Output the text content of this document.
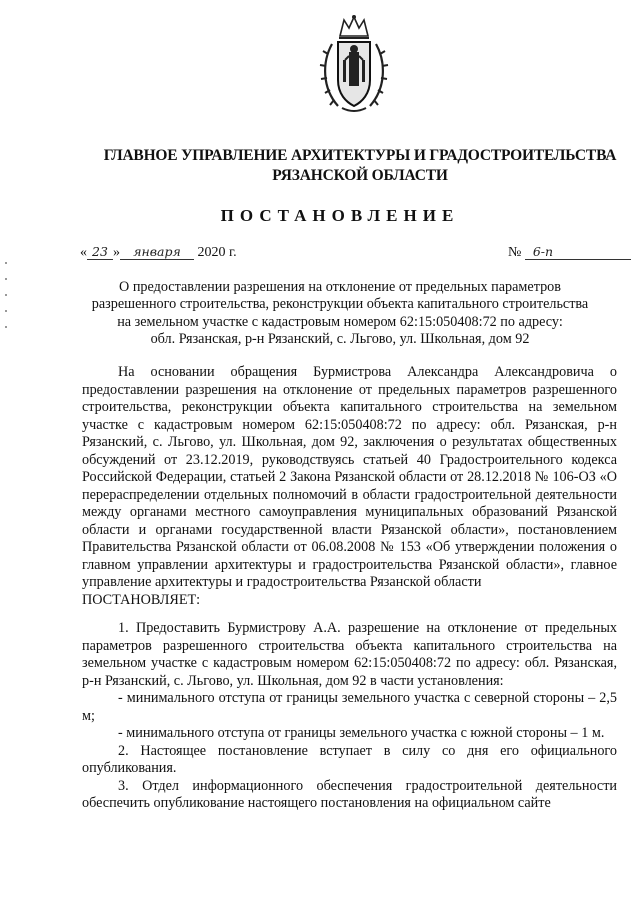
ГЛАВНОЕ УПРАВЛЕНИЕ АРХИТЕКТУРЫ И ГРАДОСТРОИТЕЛЬСТВА
РЯЗАНСКОЙ ОБЛАСТИ
ПОСТАНОВЛЕНИЕ
« 23 » января 2020 г.	№ 6-п
О предоставлении разрешения на отклонение от предельных параметров
разрешенного строительства, реконструкции объекта капитального строительства
на земельном участке с кадастровым номером 62:15:050408:72 по адресу:
обл. Рязанская, р-н Рязанский, с. Льгово, ул. Школьная, дом 92

На основании обращения Бурмистрова Александра Александровича о предоставлении разрешения на отклонение от предельных параметров разрешенного строительства, реконструкции объекта капитального строительства на земельном участке с кадастровым номером 62:15:050408:72 по адресу: обл. Рязанская, р-н Рязанский, с. Льгово, ул. Школьная, дом 92, заключения о результатах общественных обсуждений от 23.12.2019, руководствуясь статьей 40 Градостроительного кодекса Российской Федерации, статьей 2 Закона Рязанской области от 28.12.2018 № 106-ОЗ «О перераспределении отдельных полномочий в области градостроительной деятельности между органами местного самоуправления муниципальных образований Рязанской области и органами государственной власти Рязанской области», постановлением Правительства Рязанской области от 06.08.2008 № 153 «Об утверждении положения о главном управлении архитектуры и градостроительства Рязанской области», главное управление архитектуры и градостроительства Рязанской области

ПОСТАНОВЛЯЕТ:

1. Предоставить Бурмистрову А.А. разрешение на отклонение от предельных параметров разрешенного строительства объекта капитального строительства на земельном участке с кадастровым номером 62:15:050408:72 по адресу: обл. Рязанская, р-н Рязанский, с. Льгово, ул. Школьная, дом 92 в части установления:

- минимального отступа от границы земельного участка с северной стороны – 2,5 м;

- минимального отступа от границы земельного участка с южной стороны – 1 м.

2. Настоящее постановление вступает в силу со дня его официального опубликования.

3. Отдел информационного обеспечения градостроительной деятельности обеспечить опубликование настоящего постановления на официальном сайте
